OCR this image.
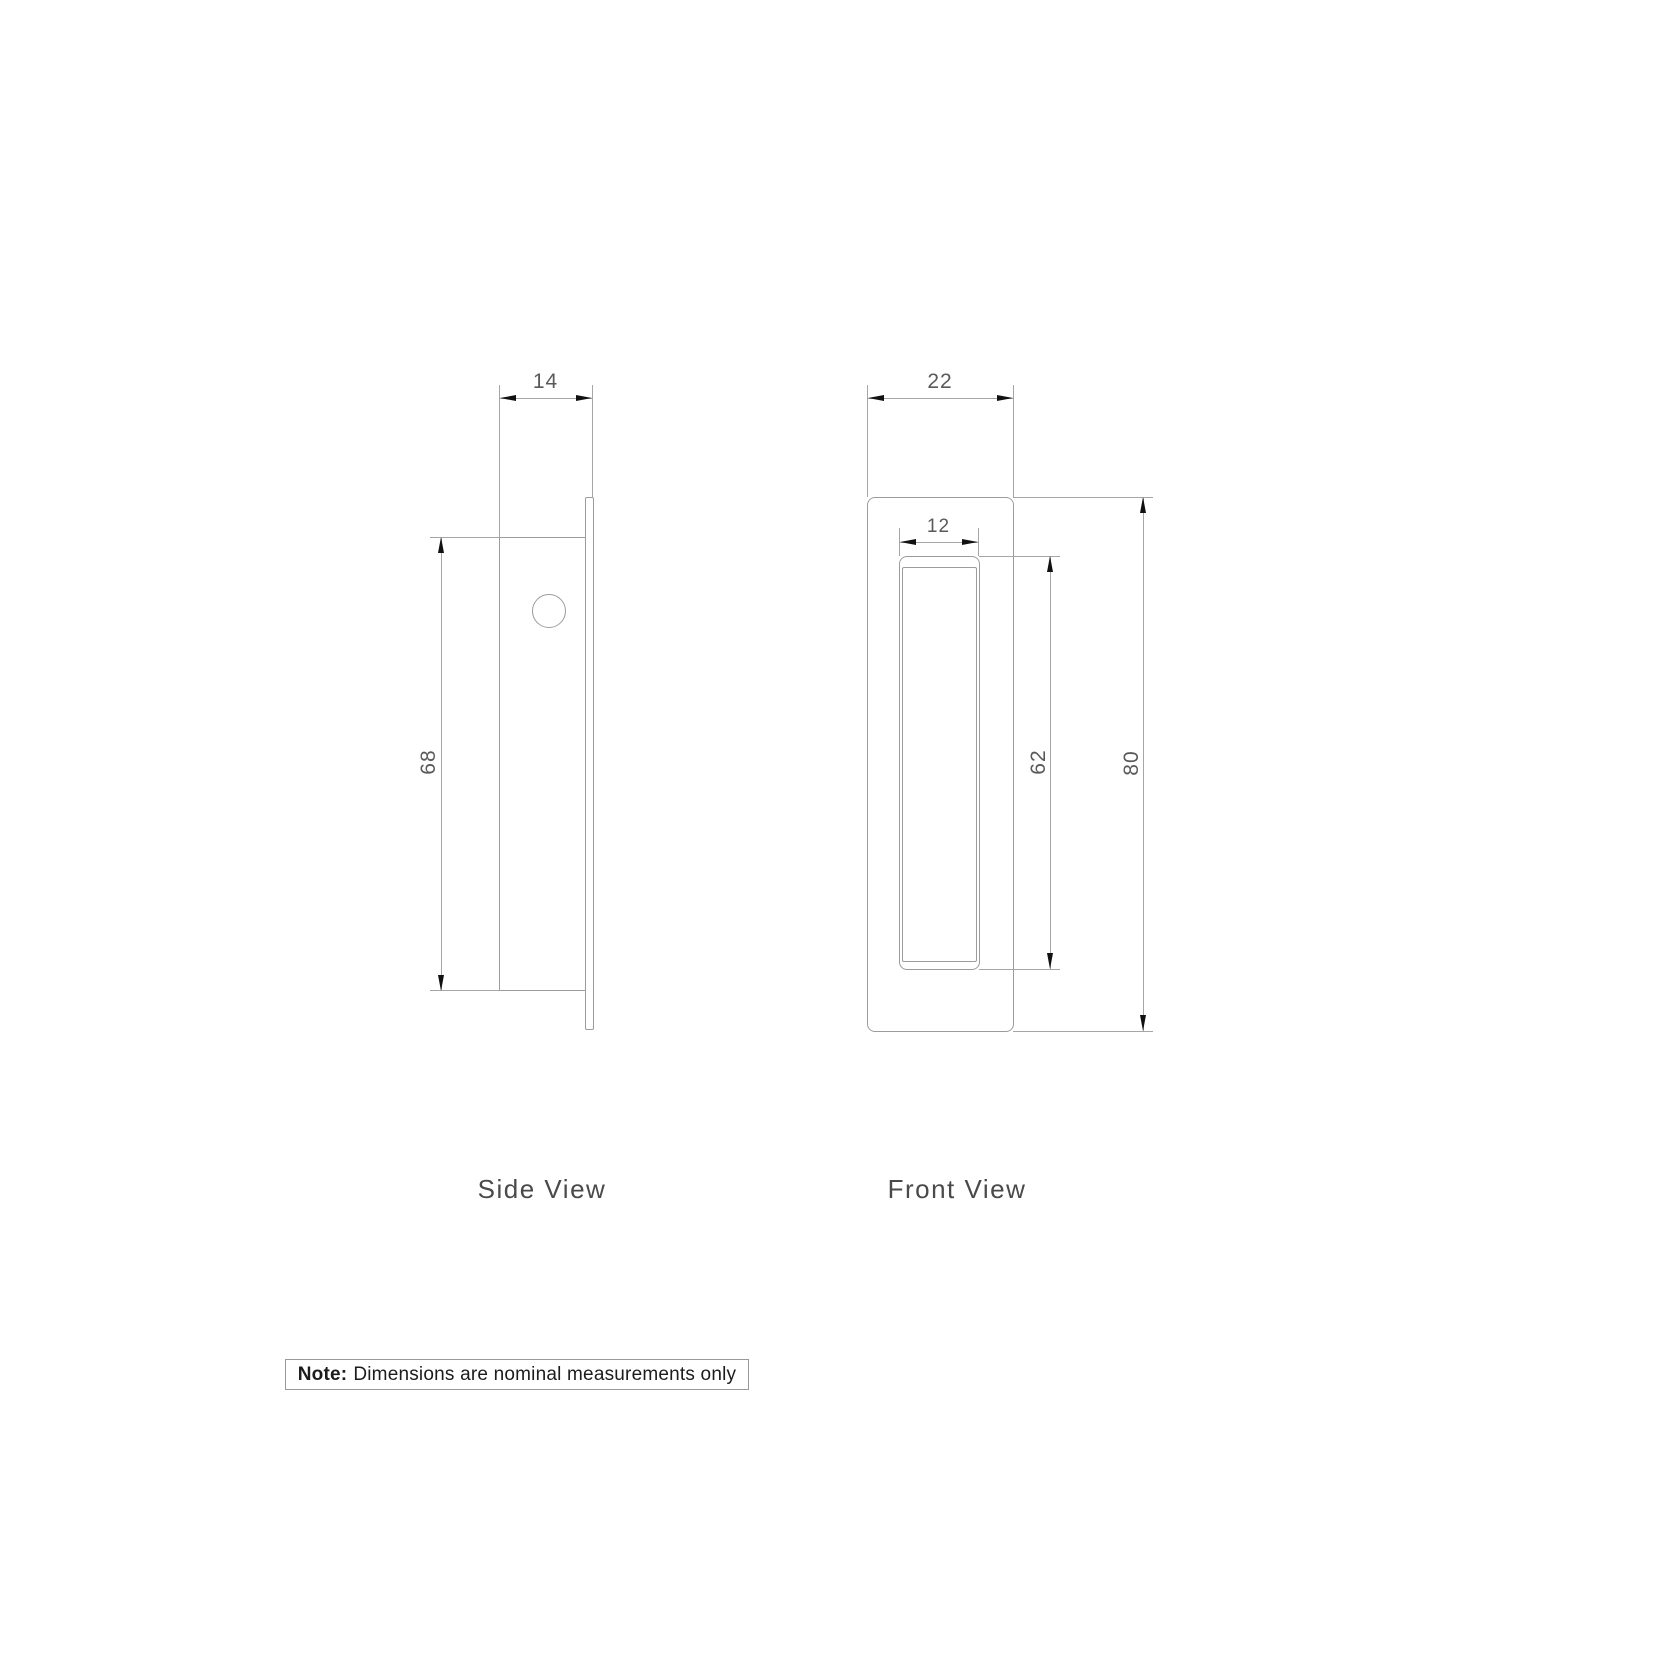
14
68
Side View
22
12
62	80
Front View
Note: Dimensions are nominal measurements only
